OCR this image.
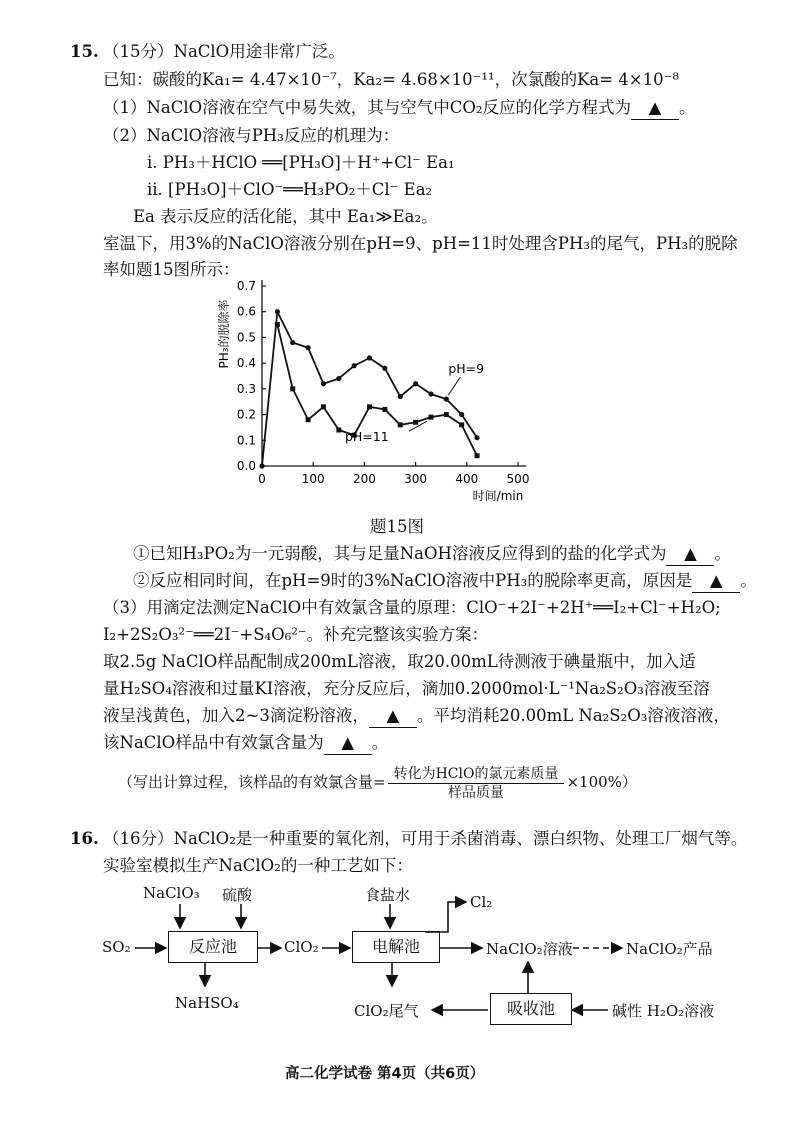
15. （15分）NaClO用途非常广泛。
已知：碳酸的Ka₁= 4.47×10⁻⁷，Ka₂= 4.68×10⁻¹¹，次氯酸的Ka= 4×10⁻⁸
（1）NaClO溶液在空气中易失效，其与空气中CO₂反应的化学方程式为 ▲ 。
（2）NaClO溶液与PH₃反应的机理为：
ⅰ. PH₃＋HClO ══[PH₃O]＋H⁺+Cl⁻ Ea₁
ⅱ. [PH₃O]＋ClO⁻══H₃PO₂＋Cl⁻ Ea₂
Ea 表示反应的活化能，其中 Ea₁≫Ea₂。
室温下，用3%的NaClO溶液分别在pH=9、pH=11时处理含PH₃的尾气，PH₃的脱除
率如题15图所示：
0.0
0.1
0.2
0.3
0.4
0.5
0.6
0.7
0	100 200 300 400 500
PH₃的脱除率
时间/min
pH=9
pH=11
题15图
①已知H₃PO₂为一元弱酸，其与足量NaOH溶液反应得到的盐的化学式为 ▲ 。
②反应相同时间，在pH=9时的3%NaClO溶液中PH₃的脱除率更高，原因是 ▲ 。
（3）用滴定法测定NaClO中有效氯含量的原理：ClO⁻+2I⁻+2H⁺══I₂+Cl⁻+H₂O;
I₂+2S₂O₃²⁻══2I⁻+S₄O₆²⁻。补充完整该实验方案：
取2.5g NaClO样品配制成200mL溶液，取20.00mL待测液于碘量瓶中，加入适
量H₂SO₄溶液和过量KI溶液，充分反应后，滴加0.2000mol·L⁻¹Na₂S₂O₃溶液至溶
液呈浅黄色，加入2~3滴淀粉溶液， ▲ 。平均消耗20.00mL Na₂S₂O₃溶液溶液，
该NaClO样品中有效氯含量为 ▲ 。
（写出计算过程，该样品的有效氯含量= $\frac{\text{转化为HClO的氯元素质量}}{\text{样品质量}} \times 100\%$）
16. （16分）NaClO₂是一种重要的氧化剂，可用于杀菌消毒、漂白织物、处理工厂烟气等。
实验室模拟生产NaClO₂的一种工艺如下：
NaClO₃ 硫酸
SO₂	反应池
NaHSO₄
ClO₂
食盐水	Cl₂
电解池	NaClO₂溶液	NaClO₂产品
ClO₂尾气	吸收池	碱性 H₂O₂溶液
高二化学试卷 第4页（共6页）
